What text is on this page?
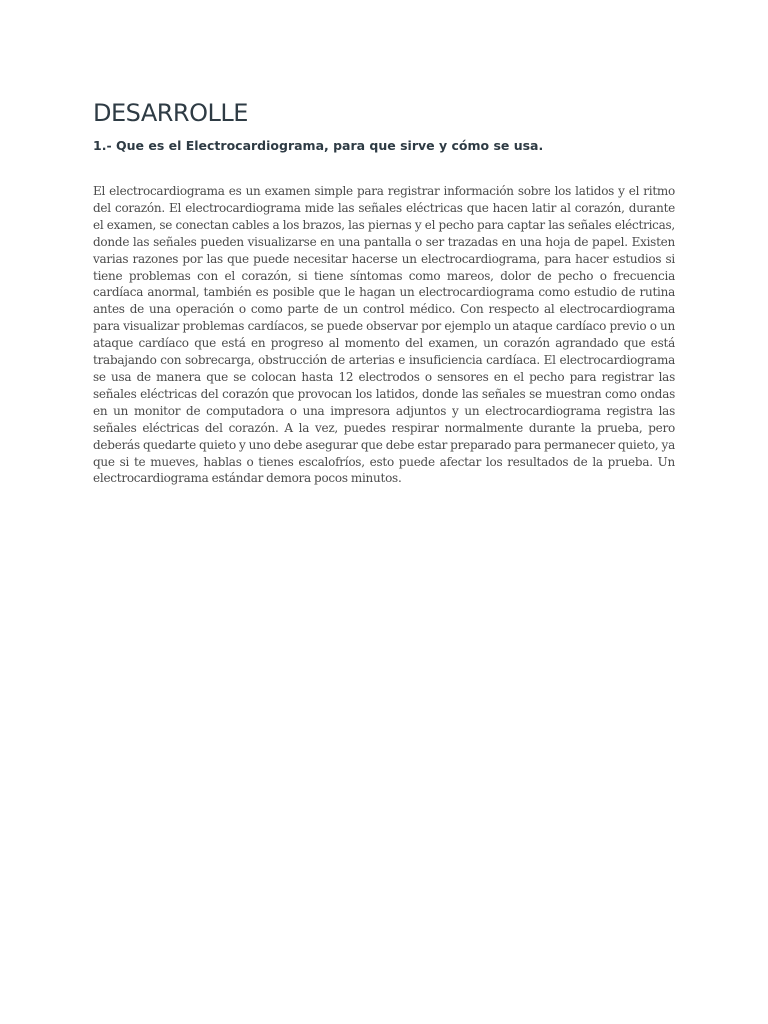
DESARROLLE
1.- Que es el Electrocardiograma, para que sirve y cómo se usa.

El electrocardiograma es un examen simple para registrar información sobre los latidos y el ritmo del corazón. El electrocardiograma mide las señales eléctricas que hacen latir al corazón, durante el examen, se conectan cables a los brazos, las piernas y el pecho para captar las señales eléctricas, donde las señales pueden visualizarse en una pantalla o ser trazadas en una hoja de papel. Existen varias razones por las que puede necesitar hacerse un electrocardiograma, para hacer estudios si tiene problemas con el corazón, si tiene síntomas como mareos, dolor de pecho o frecuencia cardíaca anormal, también es posible que le hagan un electrocardiograma como estudio de rutina antes de una operación o como parte de un control médico. Con respecto al electrocardiograma para visualizar problemas cardíacos, se puede observar por ejemplo un ataque cardíaco previo o un ataque cardíaco que está en progreso al momento del examen, un corazón agrandado que está trabajando con sobrecarga, obstrucción de arterias e insuficiencia cardíaca. El electrocardiograma se usa de manera que se colocan hasta 12 electrodos o sensores en el pecho para registrar las señales eléctricas del corazón que provocan los latidos, donde las señales se muestran como ondas en un monitor de computadora o una impresora adjuntos y un electrocardiograma registra las señales eléctricas del corazón. A la vez, puedes respirar normalmente durante la prueba, pero deberás quedarte quieto y uno debe asegurar que debe estar preparado para permanecer quieto, ya que si te mueves, hablas o tienes escalofríos, esto puede afectar los resultados de la prueba. Un electrocardiograma estándar demora pocos minutos.
